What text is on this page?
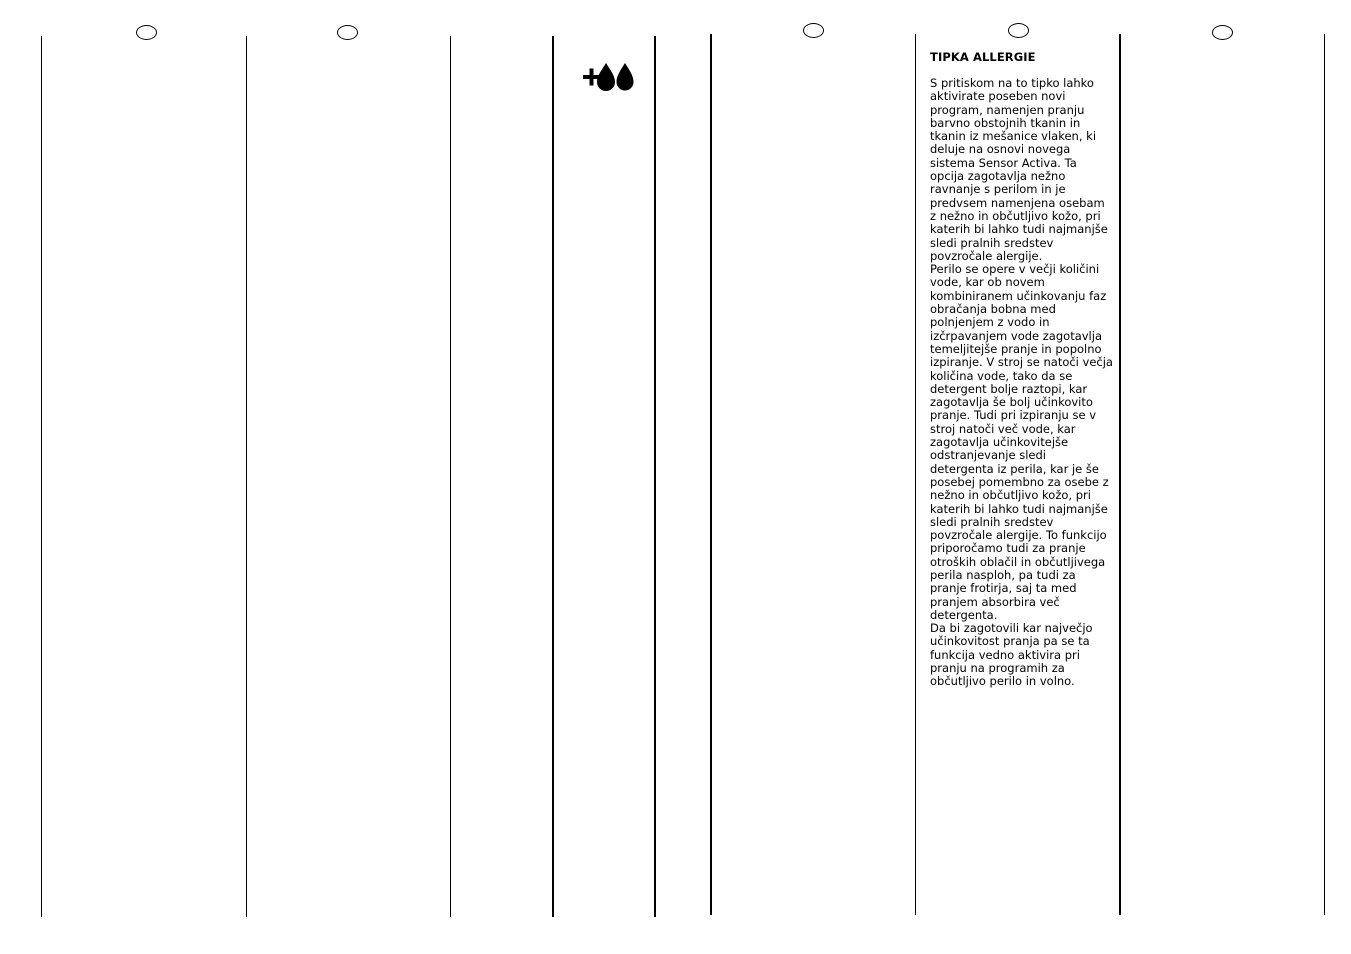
TIPKA ALLERGIE

S pritiskom na to tipko lahko aktivirate poseben novi program, namenjen pranju barvno obstojnih tkanin in tkanin iz mešanice vlaken, ki deluje na osnovi novega sistema Sensor Activa. Ta opcija zagotavlja nežno ravnanje s perilom in je predvsem namenjena osebam z nežno in občutljivo kožo, pri katerih bi lahko tudi najmanjše sledi pralnih sredstev povzročale alergije.

Perilo se opere v večji količini vode, kar ob novem kombiniranem učinkovanju faz obračanja bobna med polnjenjem z vodo in izčrpavanjem vode zagotavlja temeljitejše pranje in popolno izpiranje. V stroj se natoči večja količina vode, tako da se detergent bolje raztopi, kar zagotavlja še bolj učinkovito pranje. Tudi pri izpiranju se v stroj natoči več vode, kar zagotavlja učinkovitejše odstranjevanje sledi detergenta iz perila, kar je še posebej pomembno za osebe z nežno in občutljivo kožo, pri katerih bi lahko tudi najmanjše sledi pralnih sredstev povzročale alergije. To funkcijo priporočamo tudi za pranje otroških oblačil in občutljivega perila nasploh, pa tudi za pranje frotirja, saj ta med pranjem absorbira več detergenta.

Da bi zagotovili kar največjo učinkovitost pranja pa se ta funkcija vedno aktivira pri pranju na programih za občutljivo perilo in volno.
